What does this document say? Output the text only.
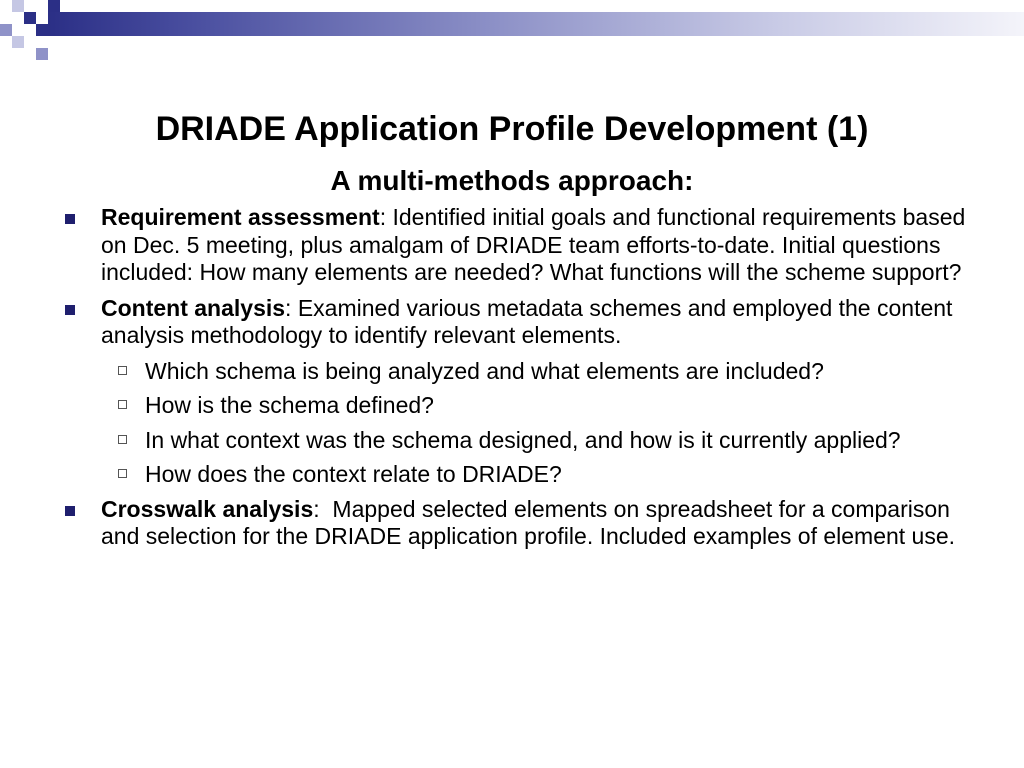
DRIADE Application Profile Development (1)
A multi-methods approach:
Requirement assessment: Identified initial goals and functional requirements based on Dec. 5 meeting, plus amalgam of DRIADE team efforts-to-date. Initial questions included: How many elements are needed? What functions will the scheme support?
Content analysis: Examined various metadata schemes and employed the content analysis methodology to identify relevant elements.
Which schema is being analyzed and what elements are included?
How is the schema defined?
In what context was the schema designed, and how is it currently applied?
How does the context relate to DRIADE?
Crosswalk analysis:  Mapped selected elements on spreadsheet for a comparison and selection for the DRIADE application profile. Included examples of element use.
